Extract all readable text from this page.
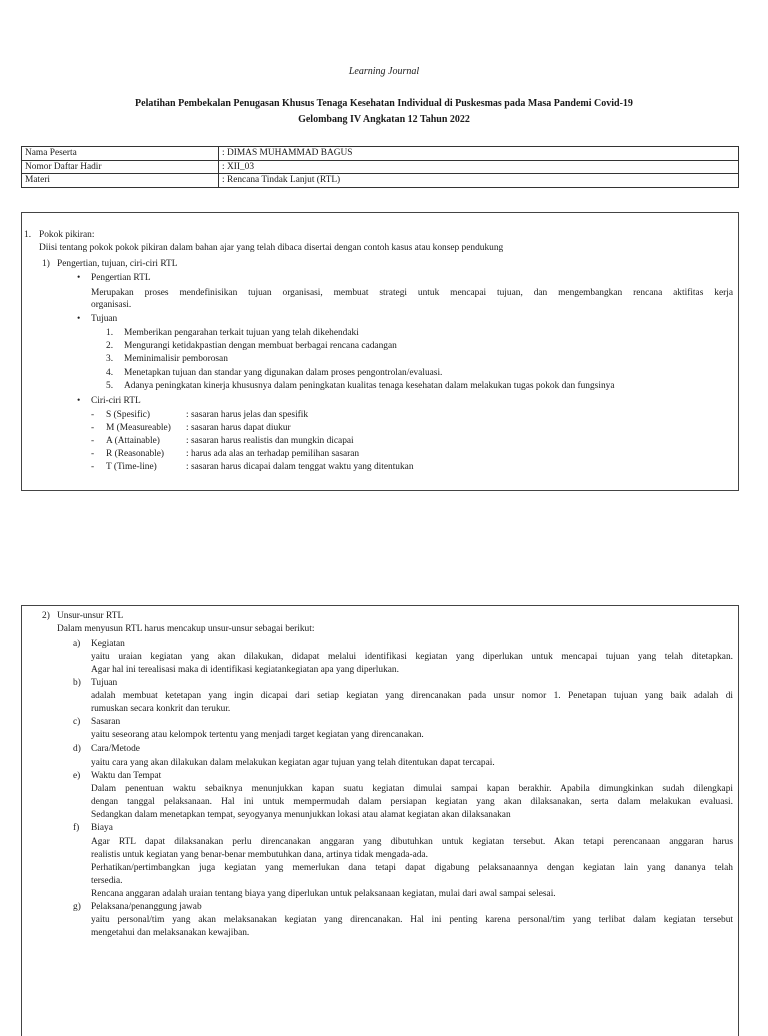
Learning Journal
Pelatihan Pembekalan Penugasan Khusus Tenaga Kesehatan Individual di Puskesmas pada Masa Pandemi Covid-19
Gelombang IV Angkatan 12 Tahun 2022
Nama Peserta	: DIMAS MUHAMMAD BAGUS
Nomor Daftar Hadir	: XII_03
Materi	: Rencana Tindak Lanjut (RTL)
1. Pokok pikiran:
Diisi tentang pokok pokok pikiran dalam bahan ajar yang telah dibaca disertai dengan contoh kasus atau konsep pendukung
1) Pengertian, tujuan, ciri-ciri RTL
• Pengertian RTL
Merupakan proses mendefinisikan tujuan organisasi, membuat strategi untuk mencapai tujuan, dan mengembangkan rencana aktifitas kerja
organisasi.
• Tujuan
1. Memberikan pengarahan terkait tujuan yang telah dikehendaki
2. Mengurangi ketidakpastian dengan membuat berbagai rencana cadangan
3. Meminimalisir pemborosan
4. Menetapkan tujuan dan standar yang digunakan dalam proses pengontrolan/evaluasi.
5. Adanya peningkatan kinerja khususnya dalam peningkatan kualitas tenaga kesehatan dalam melakukan tugas pokok dan fungsinya
• Ciri-ciri RTL
- S (Spesific)	: sasaran harus jelas dan spesifik
- M (Measureable) : sasaran harus dapat diukur
- A (Attainable)	: sasaran harus realistis dan mungkin dicapai
- R (Reasonable) : harus ada alas an terhadap pemilihan sasaran
- T (Time-line)	: sasaran harus dicapai dalam tenggat waktu yang ditentukan
2) Unsur-unsur RTL
Dalam menyusun RTL harus mencakup unsur-unsur sebagai berikut:
a) Kegiatan
yaitu uraian kegiatan yang akan dilakukan, didapat melalui identifikasi kegiatan yang diperlukan untuk mencapai tujuan yang telah ditetapkan.
Agar hal ini terealisasi maka di identifikasi kegiatankegiatan apa yang diperlukan.
b) Tujuan
adalah membuat ketetapan yang ingin dicapai dari setiap kegiatan yang direncanakan pada unsur nomor 1. Penetapan tujuan yang baik adalah di
rumuskan secara konkrit dan terukur.
c) Sasaran
yaitu seseorang atau kelompok tertentu yang menjadi target kegiatan yang direncanakan.
d) Cara/Metode
yaitu cara yang akan dilakukan dalam melakukan kegiatan agar tujuan yang telah ditentukan dapat tercapai.
e) Waktu dan Tempat
Dalam penentuan waktu sebaiknya menunjukkan kapan suatu kegiatan dimulai sampai kapan berakhir. Apabila dimungkinkan sudah dilengkapi
dengan tanggal pelaksanaan. Hal ini untuk mempermudah dalam persiapan kegiatan yang akan dilaksanakan, serta dalam melakukan evaluasi.
Sedangkan dalam menetapkan tempat, seyogyanya menunjukkan lokasi atau alamat kegiatan akan dilaksanakan
f) Biaya
Agar RTL dapat dilaksanakan perlu direncanakan anggaran yang dibutuhkan untuk kegiatan tersebut. Akan tetapi perencanaan anggaran harus
realistis untuk kegiatan yang benar-benar membutuhkan dana, artinya tidak mengada-ada.
Perhatikan/pertimbangkan juga kegiatan yang memerlukan dana tetapi dapat digabung pelaksanaannya dengan kegiatan lain yang dananya telah
tersedia.
Rencana anggaran adalah uraian tentang biaya yang diperlukan untuk pelaksanaan kegiatan, mulai dari awal sampai selesai.
g) Pelaksana/penanggung jawab
yaitu personal/tim yang akan melaksanakan kegiatan yang direncanakan. Hal ini penting karena personal/tim yang terlibat dalam kegiatan tersebut
mengetahui dan melaksanakan kewajiban.
